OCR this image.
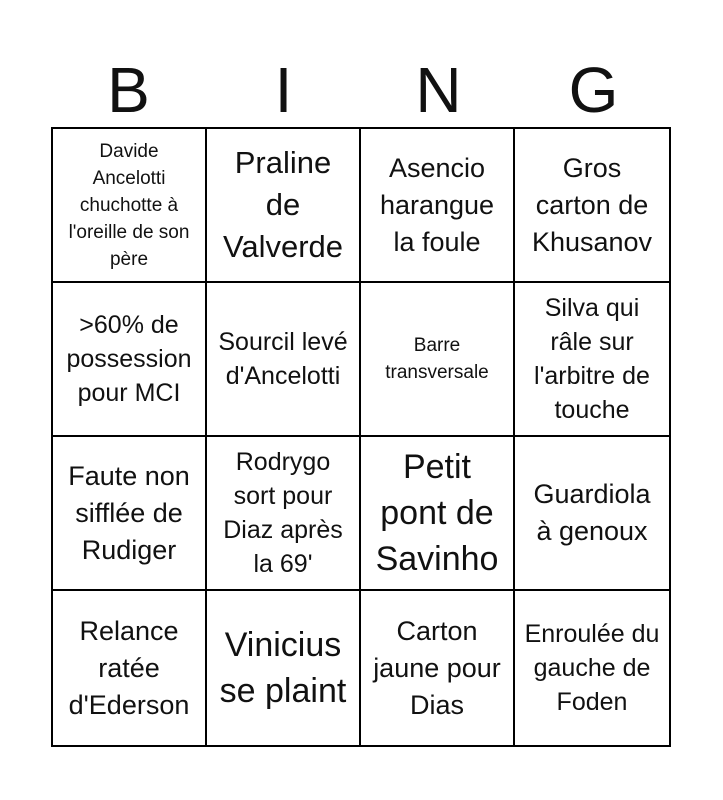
B	I	N	G
Davide Ancelotti chuchotte à l'oreille de son père
Praline de Valverde
Asencio harangue la foule
Gros carton de Khusanov
>60% de possession pour MCI
Sourcil levé d'Ancelotti
Barre transversale
Silva qui râle sur l'arbitre de touche
Faute non sifflée de Rudiger
Rodrygo sort pour Diaz après la 69'
Petit pont de Savinho
Guardiola à genoux
Relance ratée d'Ederson
Vinicius se plaint
Carton jaune pour Dias
Enroulée du gauche de Foden
